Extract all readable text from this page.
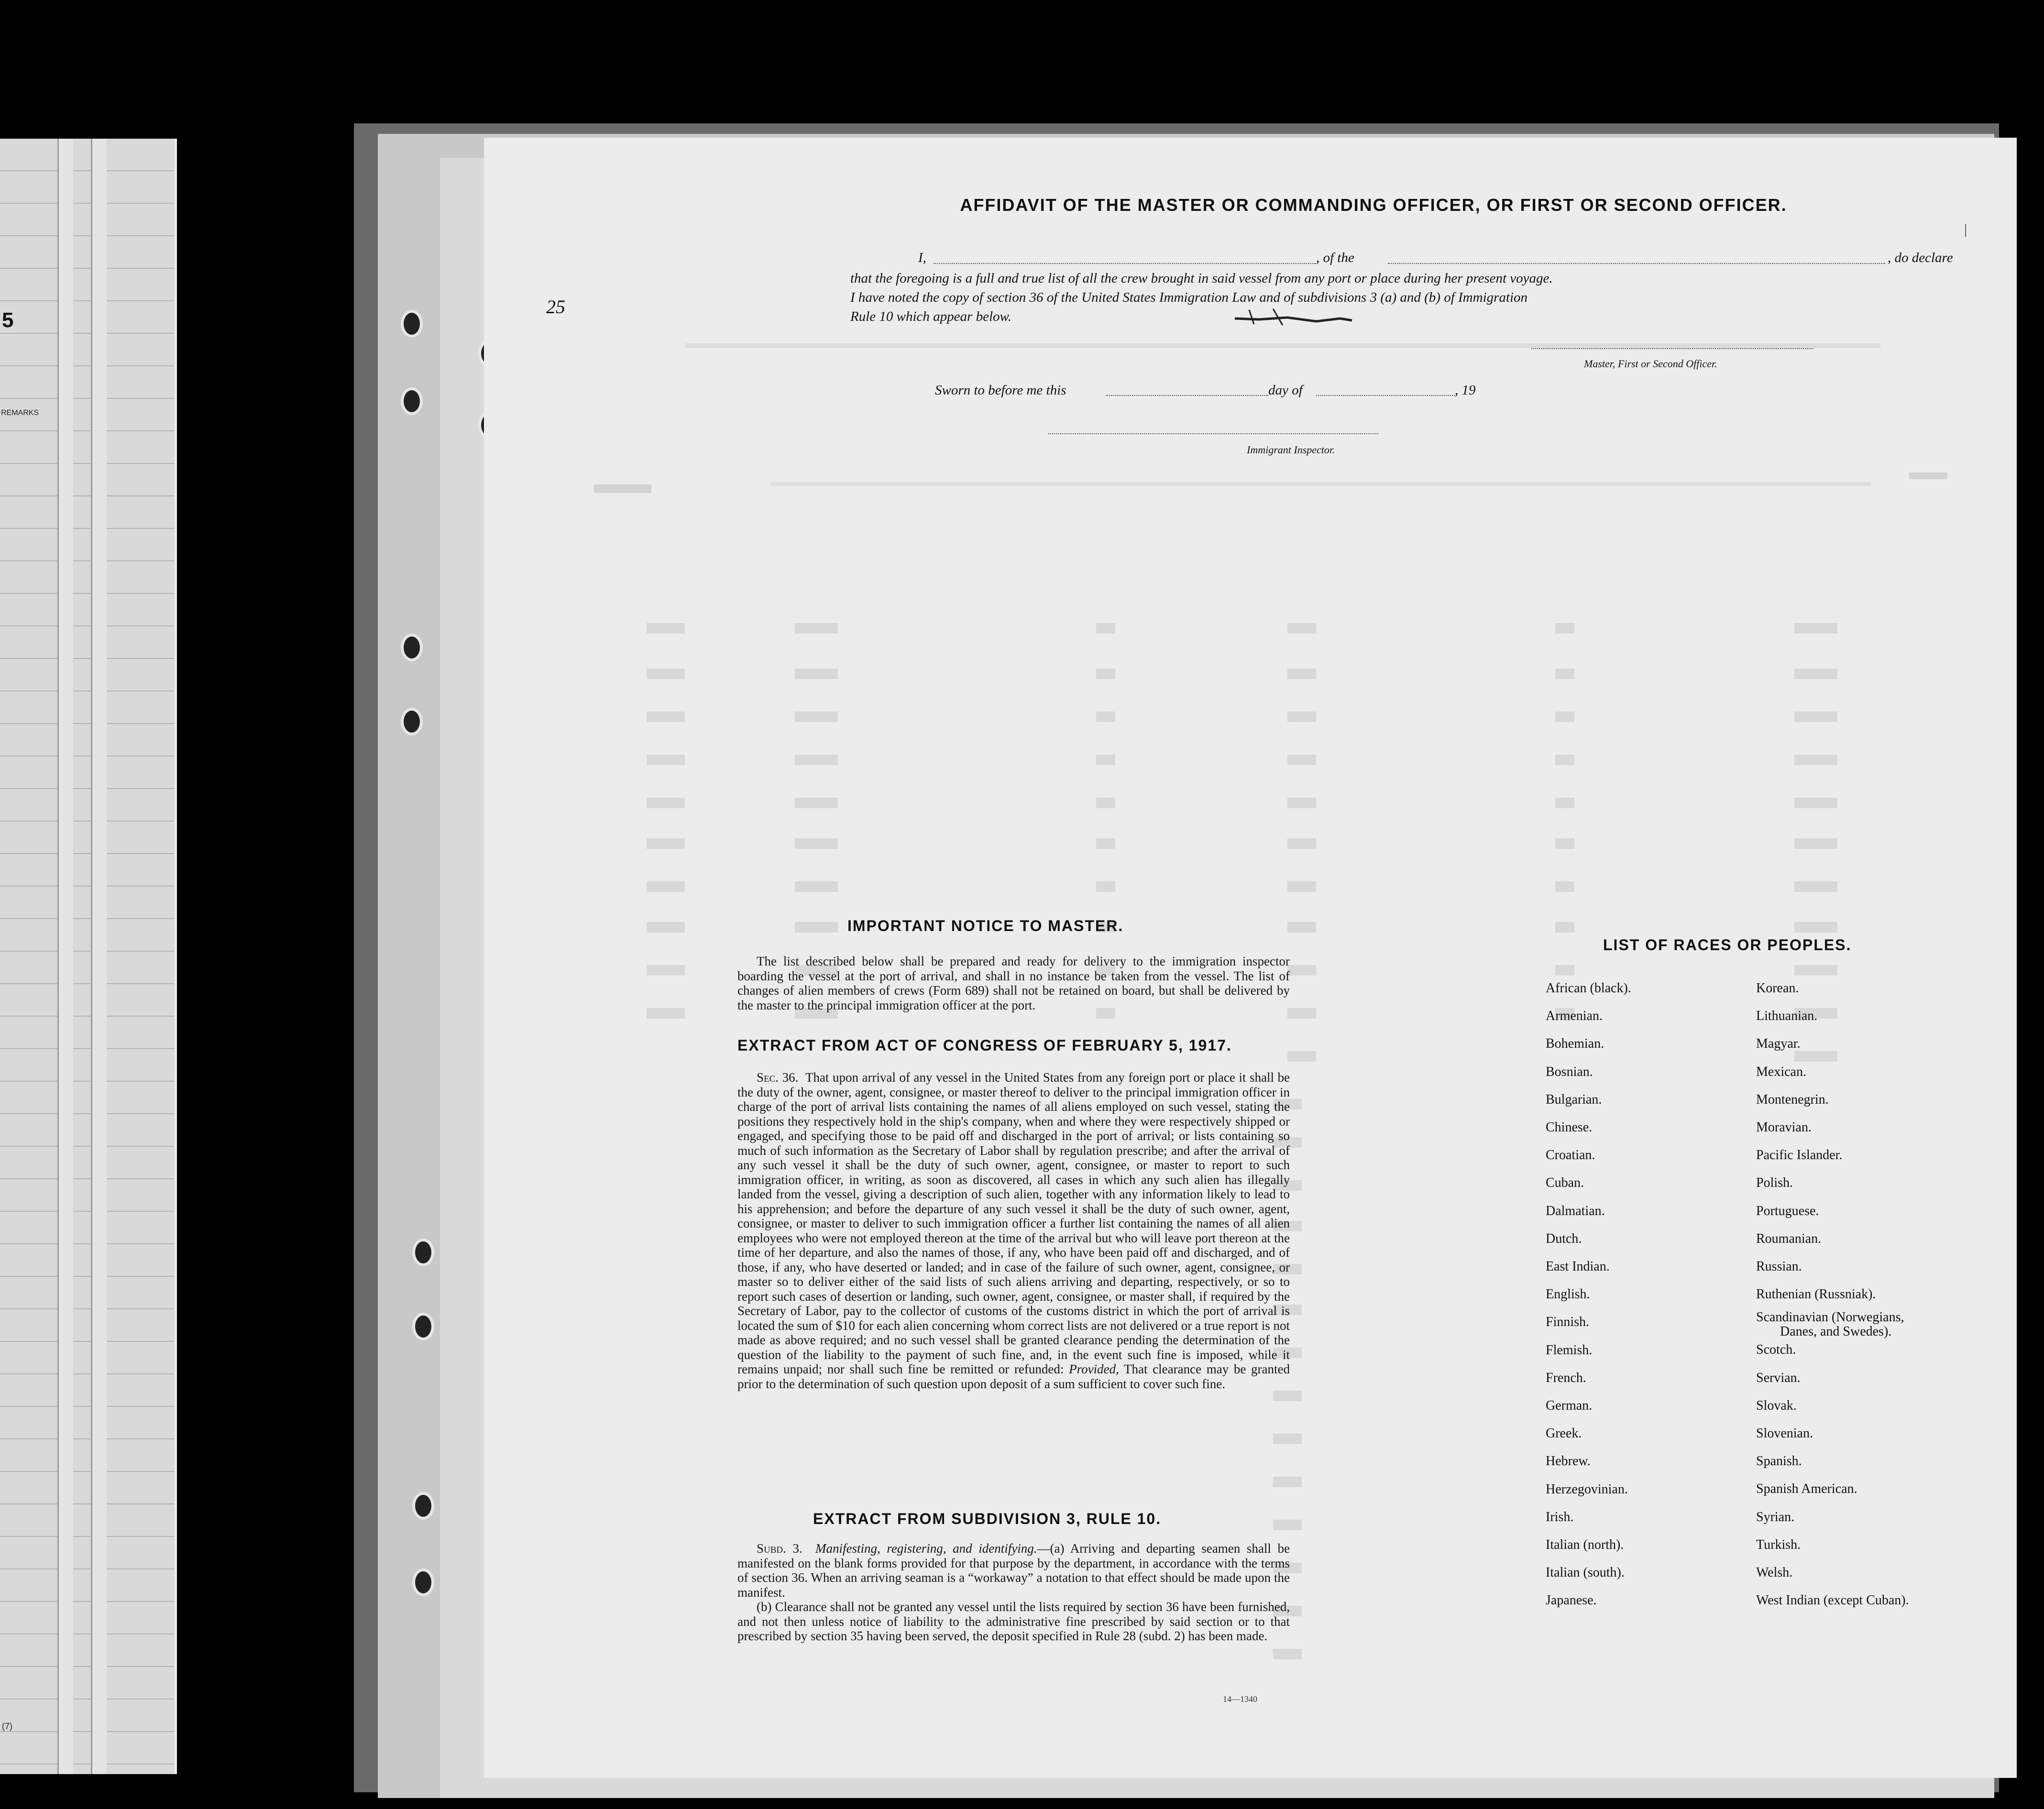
5
REMARKS
(7)
AFFIDAVIT OF THE MASTER OR COMMANDING OFFICER, OR FIRST OR SECOND OFFICER.
I,	, of the	, do declare
that the foregoing is a full and true list of all the crew brought in said vessel from any port or place during her present voyage.
I have noted the copy of section 36 of the United States Immigration Law and of subdivisions 3 (a) and (b) of Immigration
Rule 10 which appear below.
25
Master, First or Second Officer.
Sworn to before me this	day of	, 19
Immigrant Inspector.
IMPORTANT NOTICE TO MASTER.

The list described below shall be prepared and ready for delivery to the immigration inspector boarding the vessel at the port of arrival, and shall in no instance be taken from the vessel. The list of changes of alien members of crews (Form 689) shall not be retained on board, but shall be delivered by the master to the principal immigration officer at the port.

EXTRACT FROM ACT OF CONGRESS OF FEBRUARY 5, 1917.

Sec. 36. That upon arrival of any vessel in the United States from any foreign port or place it shall be the duty of the owner, agent, consignee, or master thereof to deliver to the principal immigration officer in charge of the port of arrival lists containing the names of all aliens employed on such vessel, stating the positions they respectively hold in the ship's company, when and where they were respectively shipped or engaged, and specifying those to be paid off and discharged in the port of arrival; or lists containing so much of such information as the Secretary of Labor shall by regulation prescribe; and after the arrival of any such vessel it shall be the duty of such owner, agent, consignee, or master to report to such immigration officer, in writing, as soon as discovered, all cases in which any such alien has illegally landed from the vessel, giving a description of such alien, together with any information likely to lead to his apprehension; and before the departure of any such vessel it shall be the duty of such owner, agent, consignee, or master to deliver to such immigration officer a further list containing the names of all alien employees who were not employed thereon at the time of the arrival but who will leave port thereon at the time of her departure, and also the names of those, if any, who have been paid off and discharged, and of those, if any, who have deserted or landed; and in case of the failure of such owner, agent, consignee, or master so to deliver either of the said lists of such aliens arriving and departing, respectively, or so to report such cases of desertion or landing, such owner, agent, consignee, or master shall, if required by the Secretary of Labor, pay to the collector of customs of the customs district in which the port of arrival is located the sum of $10 for each alien concerning whom correct lists are not delivered or a true report is not made as above required; and no such vessel shall be granted clearance pending the determination of the question of the liability to the payment of such fine, and, in the event such fine is imposed, while it remains unpaid; nor shall such fine be remitted or refunded: Provided, That clearance may be granted prior to the determination of such question upon deposit of a sum sufficient to cover such fine.

EXTRACT FROM SUBDIVISION 3, RULE 10.

Subd. 3. Manifesting, registering, and identifying.—(a) Arriving and departing seamen shall be manifested on the blank forms provided for that purpose by the department, in accordance with the terms of section 36. When an arriving seaman is a “workaway” a notation to that effect should be made upon the manifest.

(b) Clearance shall not be granted any vessel until the lists required by section 36 have been furnished, and not then unless notice of liability to the administrative fine prescribed by said section or to that prescribed by section 35 having been served, the deposit specified in Rule 28 (subd. 2) has been made.

LIST OF RACES OR PEOPLES.
African (black).
Armenian.
Bohemian.
Bosnian.
Bulgarian.
Chinese.
Croatian.
Cuban.
Dalmatian.
Dutch.
East Indian.
English.
Finnish.
Flemish.
French.
German.
Greek.
Hebrew.
Herzegovinian.
Irish.
Italian (north).
Italian (south).
Japanese.
Korean.
Lithuanian.
Magyar.
Mexican.
Montenegrin.
Moravian.
Pacific Islander.
Polish.
Portuguese.
Roumanian.
Russian.
Ruthenian (Russniak).
Scandinavian (Norwegians,
Danes, and Swedes).
Scotch.
Servian.
Slovak.
Slovenian.
Spanish.
Spanish American.
Syrian.
Turkish.
Welsh.
West Indian (except Cuban).
14—1340
|
